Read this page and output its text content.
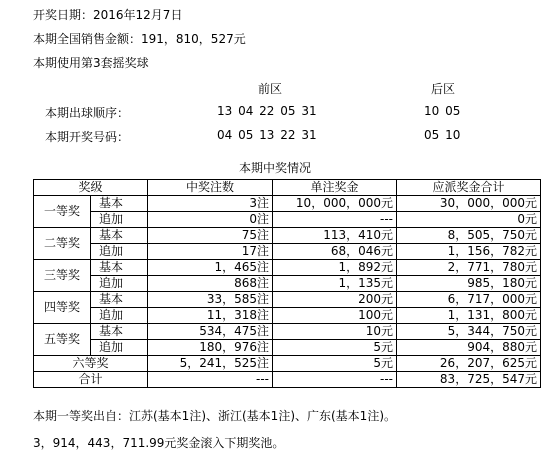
开奖日期：2016年12月7日
本期全国销售金额：191，810，527元
本期使用第3套摇奖球
前区	后区
本期出球顺序：	13 04 22 05 31	10 05
本期开奖号码：	04 05 13 22 31	05 10
本期中奖情况
奖级		中奖注数	单注奖金	应派奖金合计
一等奖	基本	3注	10，000，000元	30，000，000元
	追加	0注	---	0元
二等奖	基本	75注	113，410元	8，505，750元
	追加	17注	68，046元	1，156，782元
三等奖	基本	1，465注	1，892元	2，771，780元
	追加	868注	1，135元	985，180元
四等奖	基本	33，585注	200元	6，717，000元
	追加	11，318注	100元	1，131，800元
五等奖	基本	534，475注	10元	5，344，750元
	追加	180，976注	5元	904，880元
六等奖		5，241，525注	5元	26，207，625元
合计		---	---	83，725，547元
本期一等奖出自：江苏(基本1注)、浙江(基本1注)、广东(基本1注)。
3，914，443，711.99元奖金滚入下期奖池。
